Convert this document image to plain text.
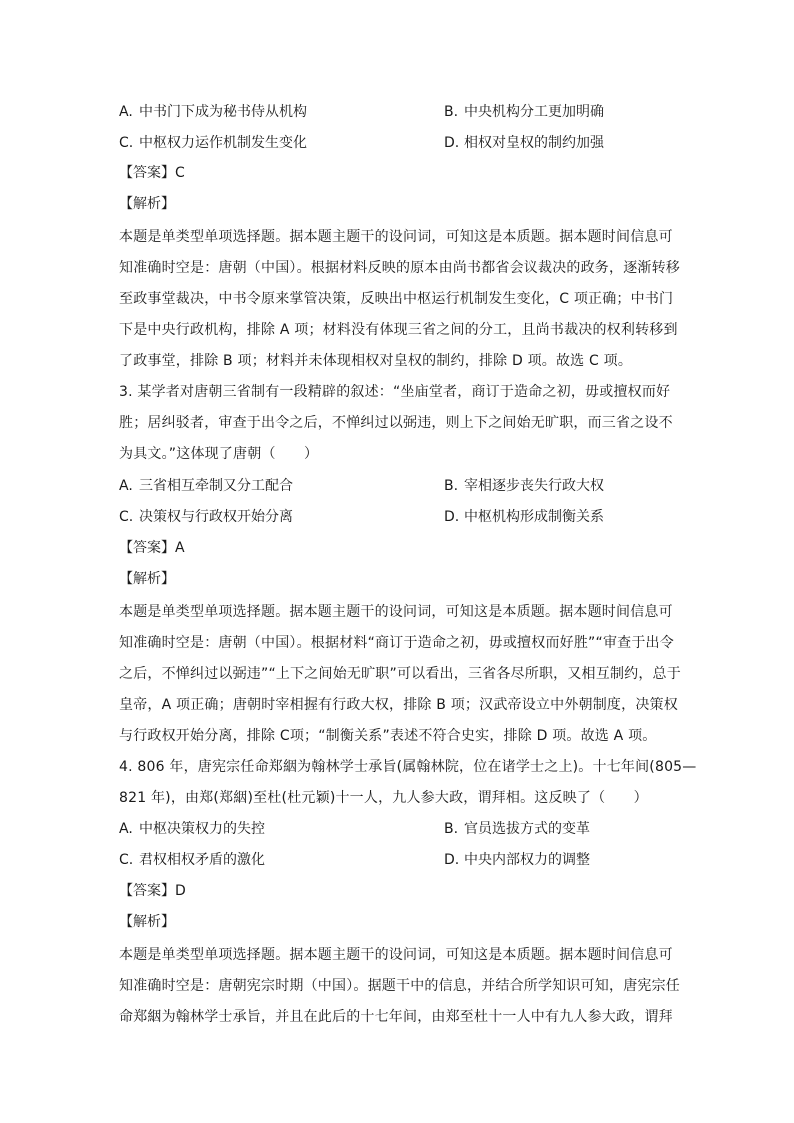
A. 中书门下成为秘书侍从机构	B. 中央机构分工更加明确
C. 中枢权力运作机制发生变化	D. 相权对皇权的制约加强
【答案】C
【解析】
本题是单类型单项选择题。据本题主题干的设问词，可知这是本质题。据本题时间信息可
知准确时空是：唐朝（中国）。根据材料反映的原本由尚书都省会议裁决的政务，逐渐转移
至政事堂裁决，中书令原来掌管决策，反映出中枢运行机制发生变化，C 项正确；中书门
下是中央行政机构，排除 A 项；材料没有体现三省之间的分工，且尚书裁决的权利转移到
了政事堂，排除 B 项；材料并未体现相权对皇权的制约，排除 D 项。故选 C 项。
3. 某学者对唐朝三省制有一段精辟的叙述：“坐庙堂者，商订于造命之初，毋或擅权而好
胜；居纠驳者，审查于出令之后，不惮纠过以弼违，则上下之间始无旷职，而三省之设不
为具文。”这体现了唐朝（　　）
A. 三省相互牵制又分工配合	B. 宰相逐步丧失行政大权
C. 决策权与行政权开始分离	D. 中枢机构形成制衡关系
【答案】A
【解析】
本题是单类型单项选择题。据本题主题干的设问词，可知这是本质题。据本题时间信息可
知准确时空是：唐朝（中国）。根据材料“商订于造命之初，毋或擅权而好胜”“审查于出令
之后，不惮纠过以弼违”“上下之间始无旷职”可以看出，三省各尽所职，又相互制约，总于
皇帝，A 项正确；唐朝时宰相握有行政大权，排除 B 项；汉武帝设立中外朝制度，决策权
与行政权开始分离，排除 C项；“制衡关系”表述不符合史实，排除 D 项。故选 A 项。
4. 806 年，唐宪宗任命郑絪为翰林学士承旨(属翰林院，位在诸学士之上)。十七年间(805—
821 年)，由郑(郑絪)至杜(杜元颖)十一人，九人参大政，谓拜相。这反映了（　　）
A. 中枢决策权力的失控	B. 官员选拔方式的变革
C. 君权相权矛盾的激化	D. 中央内部权力的调整
【答案】D
【解析】
本题是单类型单项选择题。据本题主题干的设问词，可知这是本质题。据本题时间信息可
知准确时空是：唐朝宪宗时期（中国）。据题干中的信息，并结合所学知识可知，唐宪宗任
命郑絪为翰林学士承旨，并且在此后的十七年间，由郑至杜十一人中有九人参大政，谓拜
